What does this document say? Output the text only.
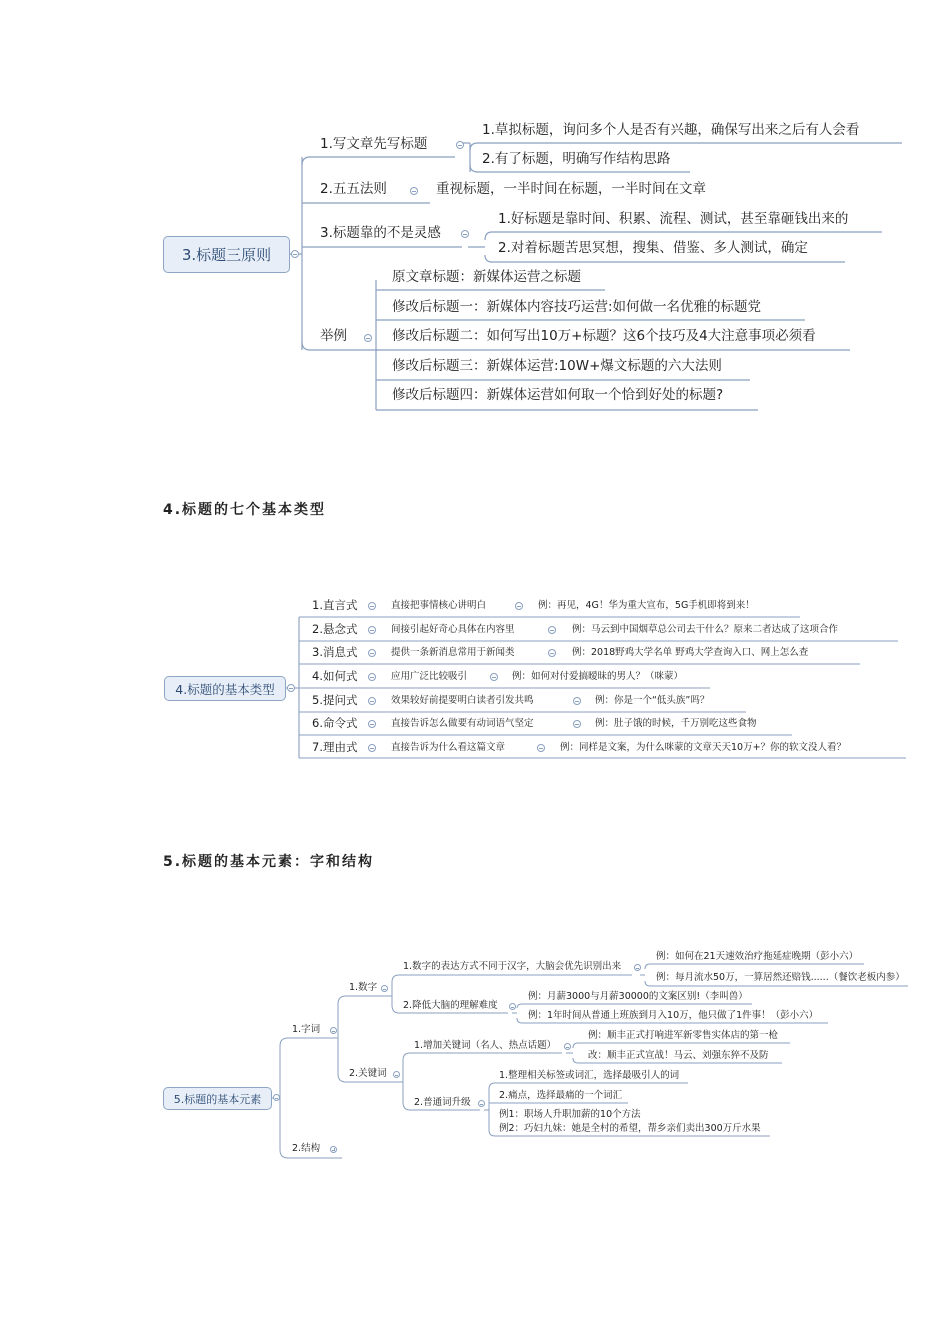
3.标题三原则
1.写文章先写标题
1.草拟标题，询问多个人是否有兴趣，确保写出来之后有人会看
2.有了标题，明确写作结构思路
2.五五法则	重视标题，一半时间在标题，一半时间在文章
3.标题靠的不是灵感
1.好标题是靠时间、积累、流程、测试，甚至靠砸钱出来的
2.对着标题苦思冥想，搜集、借鉴、多人测试，确定
举例
原文章标题：新媒体运营之标题
修改后标题一：新媒体内容技巧运营:如何做一名优雅的标题党
修改后标题二：如何写出10万+标题？这6个技巧及4大注意事项必须看
修改后标题三：新媒体运营:10W+爆文标题的六大法则
修改后标题四：新媒体运营如何取一个恰到好处的标题?
4.标题的七个基本类型
4.标题的基本类型
1.直言式	直接把事情核心讲明白	例：再见，4G！华为重大宣布，5G手机即将到来！
2.悬念式	间接引起好奇心具体在内容里	例：马云到中国烟草总公司去干什么？原来二者达成了这项合作
3.消息式	提供一条新消息常用于新闻类	例：2018野鸡大学名单 野鸡大学查询入口、网上怎么查
4.如何式	应用广泛比较吸引	例：如何对付爱搞暧昧的男人？（咪蒙）
5.提问式	效果较好前提要明白读者引发共鸣	例：你是一个“低头族”吗？
6.命令式	直接告诉怎么做要有动词语气坚定	例：肚子饿的时候，千万别吃这些食物
7.理由式	直接告诉为什么看这篇文章	例：同样是文案，为什么咪蒙的文章天天10万+？你的软文没人看？
5.标题的基本元素：字和结构
5.标题的基本元素
1.字词
2.结构
1.数字
2.关键词
1.数字的表达方式不同于汉字，大脑会优先识别出来
例：如何在21天速效治疗拖延症晚期（彭小六）
例：每月流水50万，一算居然还赔钱......（餐饮老板内参）
2.降低大脑的理解难度
例：月薪3000与月薪30000的文案区别!（李叫兽）
例：1年时间从普通上班族到月入10万，他只做了1件事！（彭小六）
1.增加关键词（名人、热点话题）
例：顺丰正式打响进军新零售实体店的第一枪
改：顺丰正式宣战！马云、刘强东猝不及防
2.普通词升级
1.整理相关标签或词汇，选择最吸引人的词
2.痛点，选择最痛的一个词汇
例1：职场人升职加薪的10个方法
例2：巧妇九妹：她是全村的希望，帮乡亲们卖出300万斤水果
